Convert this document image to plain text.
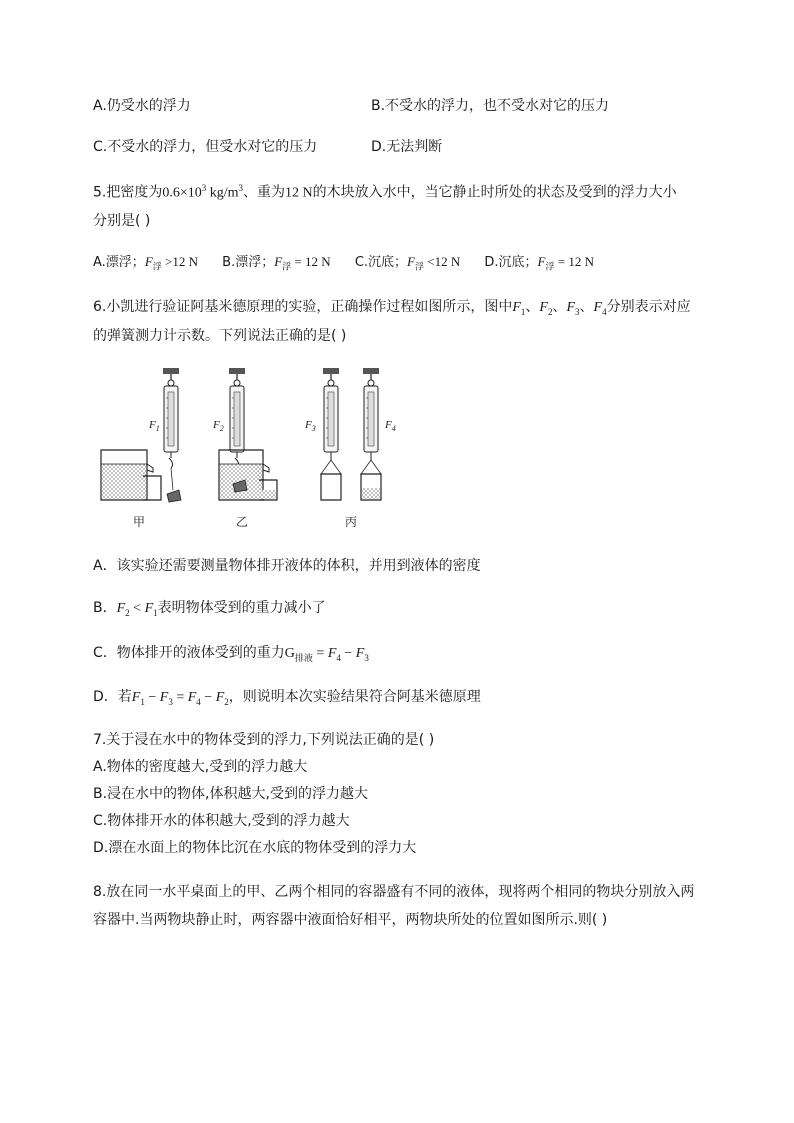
A.仍受水的浮力	B.不受水的浮力，也不受水对它的压力
C.不受水的浮力，但受水对它的压力	D.无法判断
5.把密度为$0.6\times 10^3$ $kg/m^3$、重为12 N的木块放入水中，当它静止时所处的状态及受到的浮力大小
分别是( )
A.漂浮；$F_浮 >12$ N B.漂浮；$F_浮 = 12$ N C.沉底；$F_浮 <12$ N D.沉底；$F_浮 = 12$ N
6.小凯进行验证阿基米德原理的实验，正确操作过程如图所示，图中$F_1$、$F_2$、$F_3$、$F_4$分别表示对应
的弹簧测力计示数。下列说法正确的是( )
$F_1$
甲
$F_2$
乙
$F_3$	$F_4$
丙
A．该实验还需要测量物体排开液体的体积，并用到液体的密度
B．$F_2 < F_1$表明物体受到的重力减小了
C．物体排开的液体受到的重力$G_{排液} = F_4 - F_3$
D．若$F_1 - F_3 = F_4 - F_2$，则说明本次实验结果符合阿基米德原理
7.关于浸在水中的物体受到的浮力,下列说法正确的是( )
A.物体的密度越大,受到的浮力越大
B.浸在水中的物体,体积越大,受到的浮力越大
C.物体排开水的体积越大,受到的浮力越大
D.漂在水面上的物体比沉在水底的物体受到的浮力大
8.放在同一水平桌面上的甲、乙两个相同的容器盛有不同的液体，现将两个相同的物块分别放入两
容器中.当两物块静止时，两容器中液面恰好相平，两物块所处的位置如图所示.则( )
